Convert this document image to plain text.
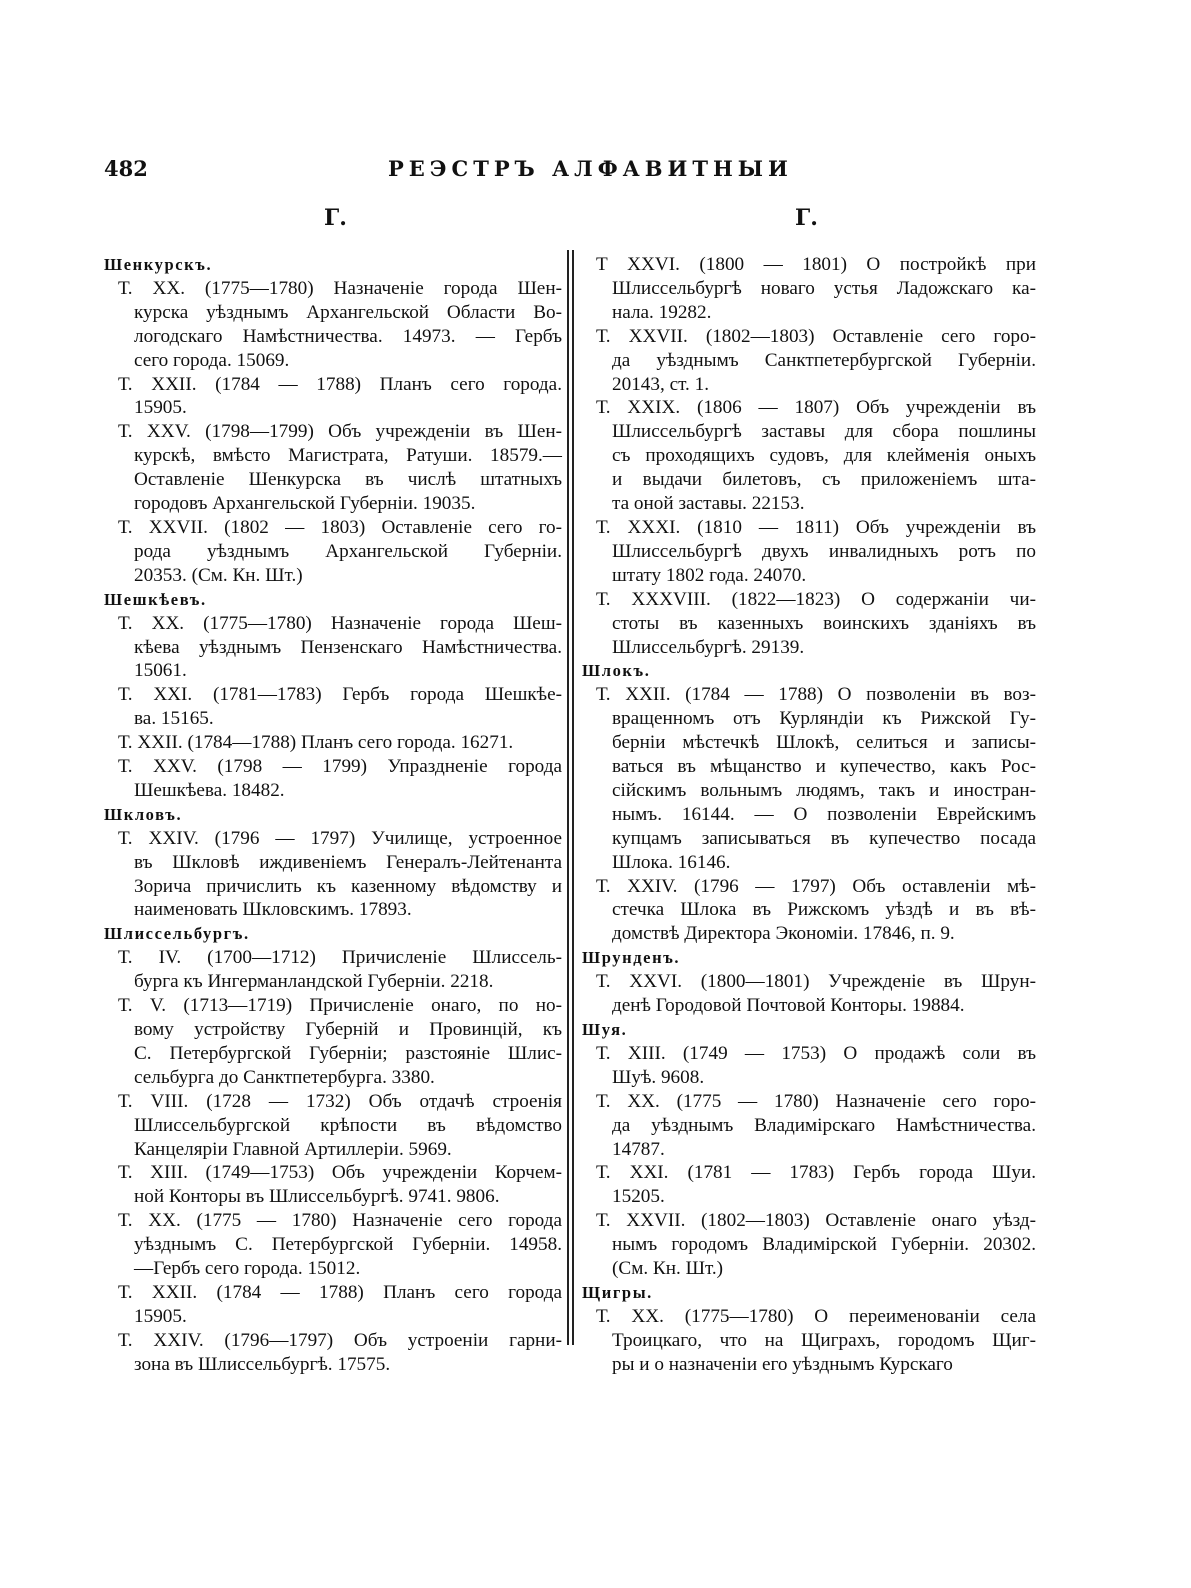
482	РЕЭСТРЪ АЛФАВИТНЫИ
Г.	Г.
Шенкурскъ.
Т. XX. (1775—1780) Назначеніе города Шен-
курска уѣзднымъ Архангельской Области Во-
логодскаго Намѣстничества. 14973. — Гербъ
сего города. 15069.
Т. XXII. (1784 — 1788) Планъ сего города.
15905.
Т. XXV. (1798—1799) Объ учрежденіи въ Шен-
курскѣ, вмѣсто Магистрата, Ратуши. 18579.—
Оставленіе Шенкурска въ числѣ штатныхъ
городовъ Архангельской Губерніи. 19035.
Т. XXVII. (1802 — 1803) Оставленіе сего го-
рода уѣзднымъ Архангельской Губерніи.
20353. (См. Кн. Шт.)
Шешкѣевъ.
Т. XX. (1775—1780) Назначеніе города Шеш-
кѣева уѣзднымъ Пензенскаго Намѣстничества.
15061.
Т. XXI. (1781—1783) Гербъ города Шешкѣе-
ва. 15165.
Т. XXII. (1784—1788) Планъ сего города. 16271.
Т. XXV. (1798 — 1799) Упраздненіе города
Шешкѣева. 18482.
Шкловъ.
Т. XXIV. (1796 — 1797) Училище, устроенное
въ Шкловѣ иждивеніемъ Генералъ-Лейтенанта
Зорича причислить къ казенному вѣдомству и
наименовать Шкловскимъ. 17893.
Шлиссельбургъ.
Т. IV. (1700—1712) Причисленіе Шлиссель-
бурга къ Ингерманландской Губерніи. 2218.
Т. V. (1713—1719) Причисленіе онаго, по но-
вому устройству Губерній и Провинцій, къ
С. Петербургской Губерніи; разстояніе Шлис-
сельбурга до Санктпетербурга. 3380.
Т. VIII. (1728 — 1732) Объ отдачѣ строенія
Шлиссельбургской крѣпости въ вѣдомство
Канцеляріи Главной Артиллеріи. 5969.
Т. XIII. (1749—1753) Объ учрежденіи Корчем-
ной Конторы въ Шлиссельбургѣ. 9741. 9806.
Т. XX. (1775 — 1780) Назначеніе сего города
уѣзднымъ С. Петербургской Губерніи. 14958.
—Гербъ сего города. 15012.
Т. XXII. (1784 — 1788) Планъ сего города
15905.
Т. XXIV. (1796—1797) Объ устроеніи гарни-
зона въ Шлиссельбургѣ. 17575.
Т XXVI. (1800 — 1801) О постройкѣ при
Шлиссельбургѣ новаго устья Ладожскаго ка-
нала. 19282.
Т. XXVII. (1802—1803) Оставленіе сего горо-
да уѣзднымъ Санктпетербургской Губерніи.
20143, ст. 1.
Т. XXIX. (1806 — 1807) Объ учрежденіи въ
Шлиссельбургѣ заставы для сбора пошлины
съ проходящихъ судовъ, для клейменія оныхъ
и выдачи билетовъ, съ приложеніемъ шта-
та оной заставы. 22153.
Т. XXXI. (1810 — 1811) Объ учрежденіи въ
Шлиссельбургѣ двухъ инвалидныхъ ротъ по
штату 1802 года. 24070.
Т. XXXVIII. (1822—1823) О содержаніи чи-
стоты въ казенныхъ воинскихъ зданіяхъ въ
Шлиссельбургѣ. 29139.
Шлокъ.
Т. XXII. (1784 — 1788) О позволеніи въ воз-
вращенномъ отъ Курляндіи къ Рижской Гу-
берніи мѣстечкѣ Шлокѣ, селиться и записы-
ваться въ мѣщанство и купечество, какъ Рос-
сійскимъ вольнымъ людямъ, такъ и иностран-
нымъ. 16144. — О позволеніи Еврейскимъ
купцамъ записываться въ купечество посада
Шлока. 16146.
Т. XXIV. (1796 — 1797) Объ оставленіи мѣ-
стечка Шлока въ Рижскомъ уѣздѣ и въ вѣ-
домствѣ Директора Экономіи. 17846, п. 9.
Шрунденъ.
Т. XXVI. (1800—1801) Учрежденіе въ Шрун-
денѣ Городовой Почтовой Конторы. 19884.
Шуя.
Т. XIII. (1749 — 1753) О продажѣ соли въ
Шуѣ. 9608.
Т. XX. (1775 — 1780) Назначеніе сего горо-
да уѣзднымъ Владимірскаго Намѣстничества.
14787.
Т. XXI. (1781 — 1783) Гербъ города Шуи.
15205.
Т. XXVII. (1802—1803) Оставленіе онаго уѣзд-
нымъ городомъ Владимірской Губерніи. 20302.
(См. Кн. Шт.)
Щигры.
Т. XX. (1775—1780) О переименованіи села
Троицкаго, что на Щиграхъ, городомъ Щиг-
ры и о назначеніи его уѣзднымъ Курскаго
